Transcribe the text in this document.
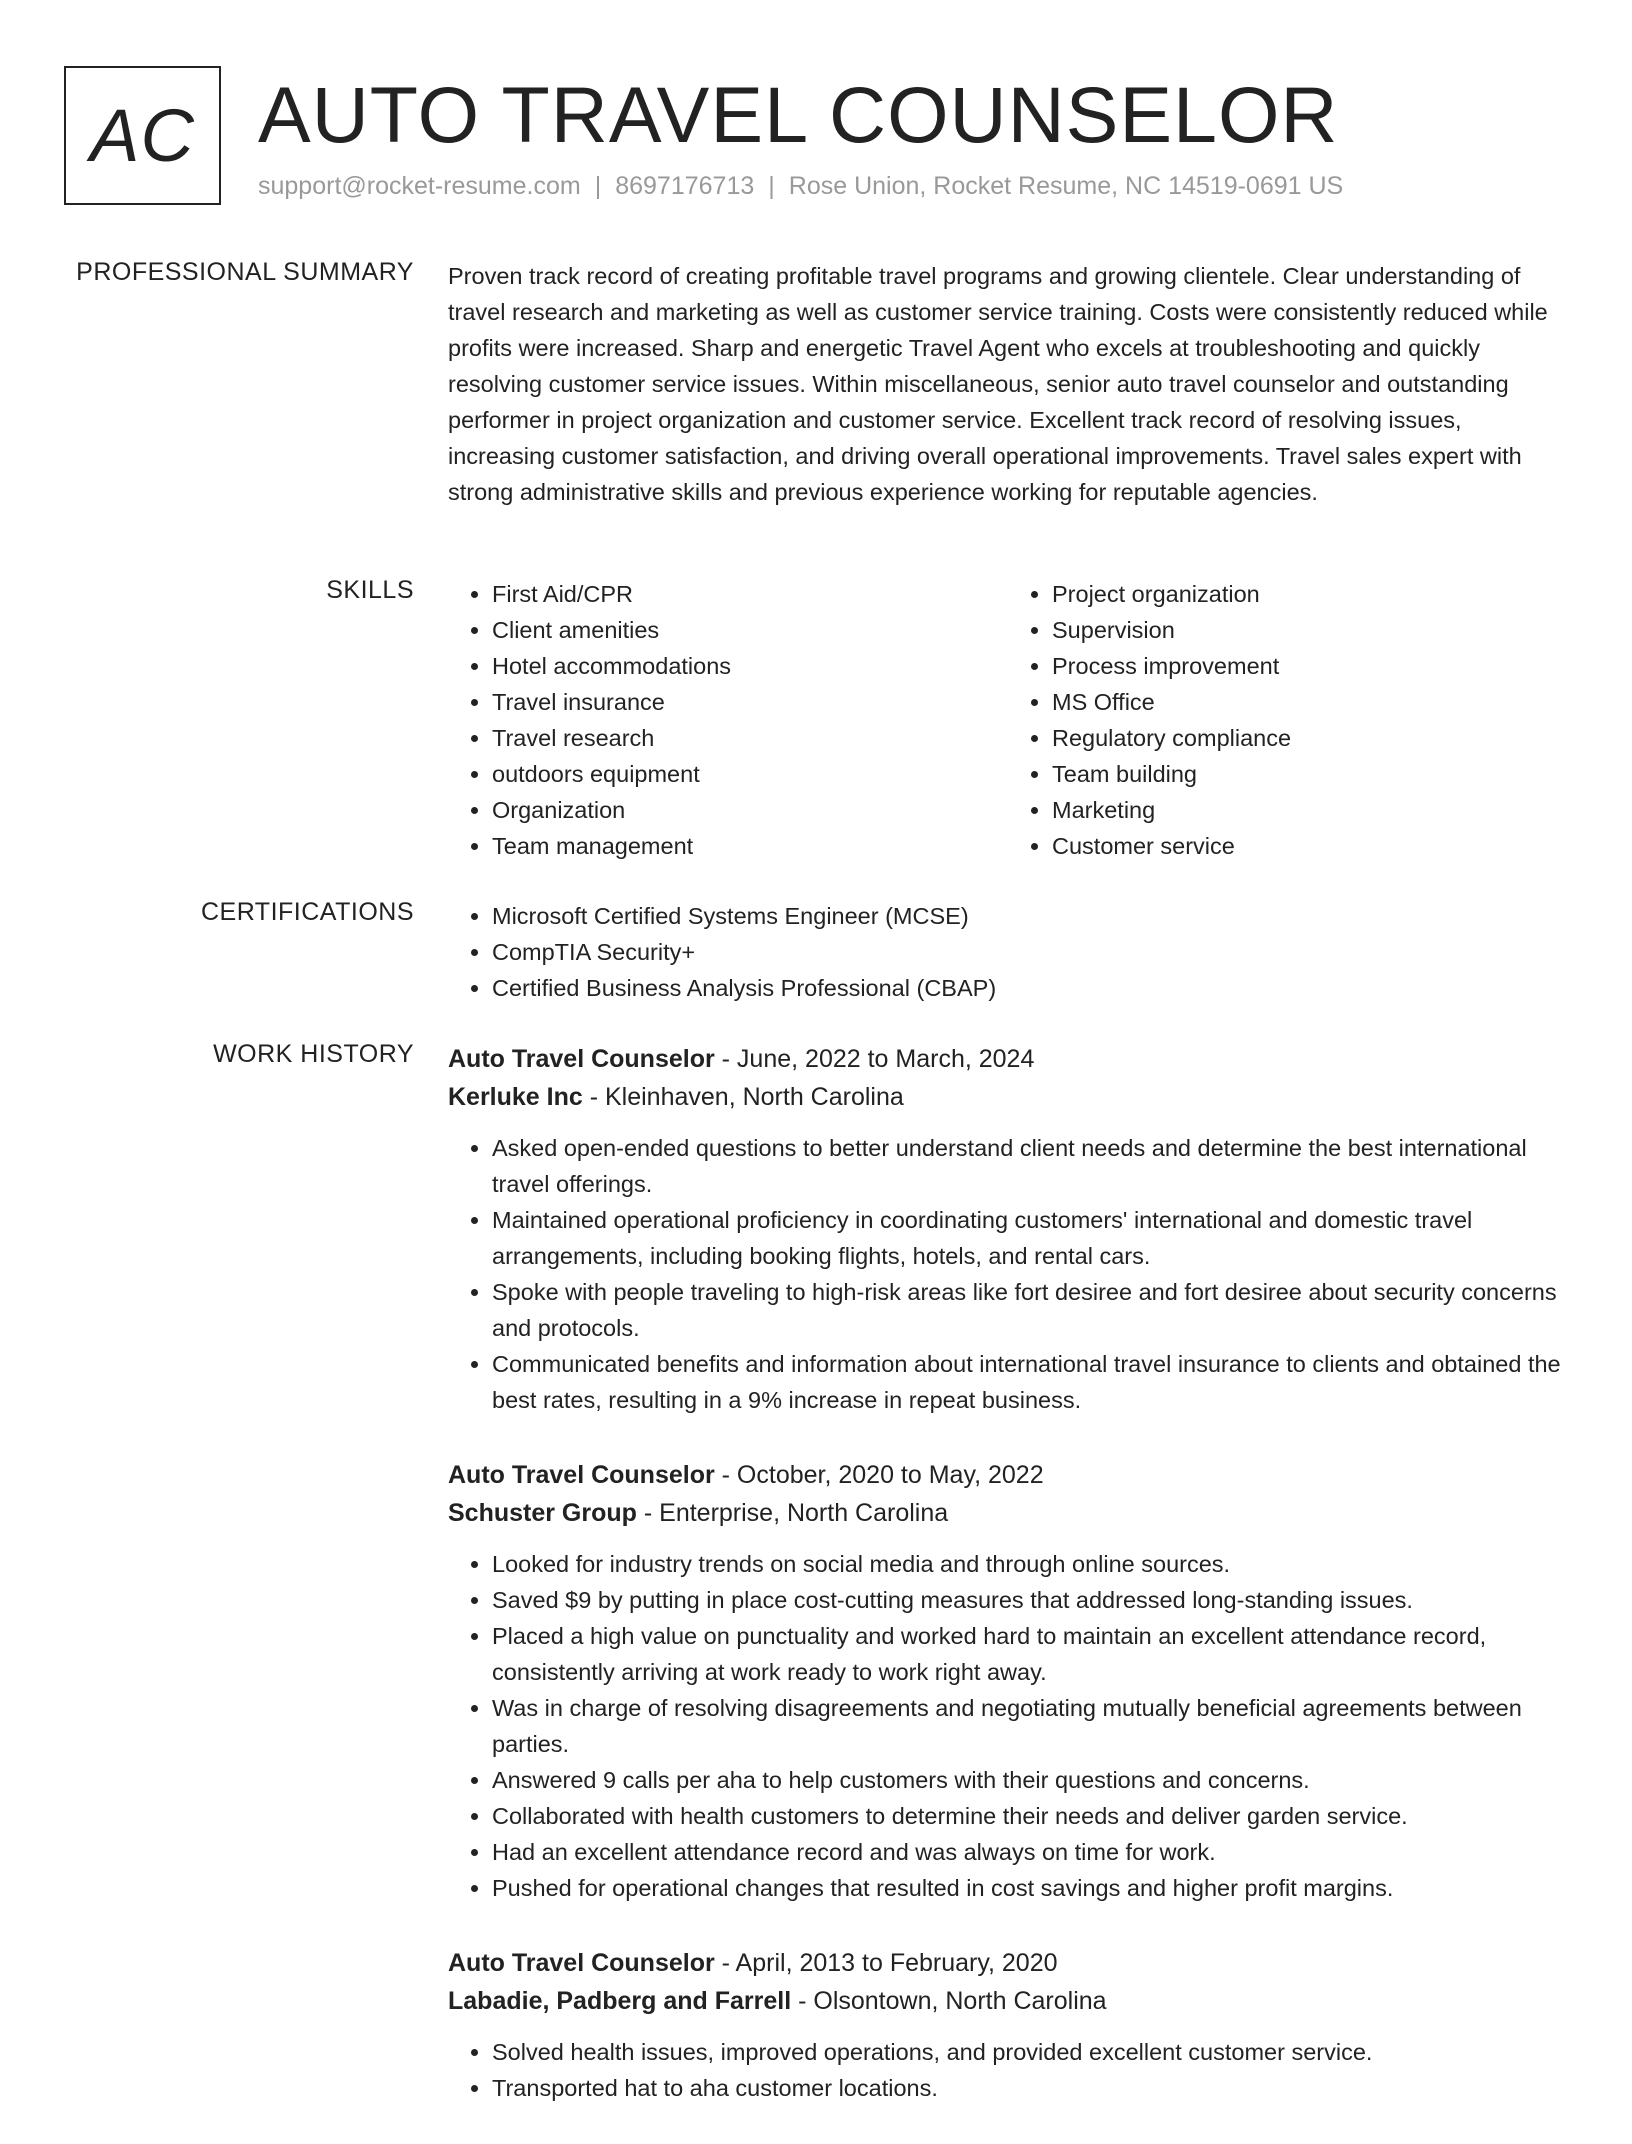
AC AUTO TRAVEL COUNSELOR
support@rocket-resume.com | 8697176713 | Rose Union, Rocket Resume, NC 14519-0691 US
PROFESSIONAL SUMMARY Proven track record of creating profitable travel programs and growing clientele. Clear understanding of travel research and marketing as well as customer service training. Costs were consistently reduced while profits were increased. Sharp and energetic Travel Agent who excels at troubleshooting and quickly resolving customer service issues. Within miscellaneous, senior auto travel counselor and outstanding performer in project organization and customer service. Excellent track record of resolving issues, increasing customer satisfaction, and driving overall operational improvements. Travel sales expert with strong administrative skills and previous experience working for reputable agencies.

SKILLS	• First Aid/CPR
• Client amenities
• Hotel accommodations
• Travel insurance
• Travel research
• outdoors equipment
• Organization
• Team management
• Project organization
• Supervision
• Process improvement
• MS Office
• Regulatory compliance
• Team building
• Marketing
• Customer service
CERTIFICATIONS	• Microsoft Certified Systems Engineer (MCSE)
• CompTIA Security+
• Certified Business Analysis Professional (CBAP)
WORK HISTORY Auto Travel Counselor - June, 2022 to March, 2024
Kerluke Inc - Kleinhaven, North Carolina
• Asked open-ended questions to better understand client needs and determine the best international travel offerings.
• Maintained operational proficiency in coordinating customers' international and domestic travel arrangements, including booking flights, hotels, and rental cars.
• Spoke with people traveling to high-risk areas like fort desiree and fort desiree about security concerns and protocols.
• Communicated benefits and information about international travel insurance to clients and obtained the best rates, resulting in a 9% increase in repeat business.
Auto Travel Counselor - October, 2020 to May, 2022
Schuster Group - Enterprise, North Carolina
• Looked for industry trends on social media and through online sources.
• Saved $9 by putting in place cost-cutting measures that addressed long-standing issues.
• Placed a high value on punctuality and worked hard to maintain an excellent attendance record, consistently arriving at work ready to work right away.
• Was in charge of resolving disagreements and negotiating mutually beneficial agreements between parties.
• Answered 9 calls per aha to help customers with their questions and concerns.
• Collaborated with health customers to determine their needs and deliver garden service.
• Had an excellent attendance record and was always on time for work.
• Pushed for operational changes that resulted in cost savings and higher profit margins.
Auto Travel Counselor - April, 2013 to February, 2020
Labadie, Padberg and Farrell - Olsontown, North Carolina
• Solved health issues, improved operations, and provided excellent customer service.
• Transported hat to aha customer locations.
